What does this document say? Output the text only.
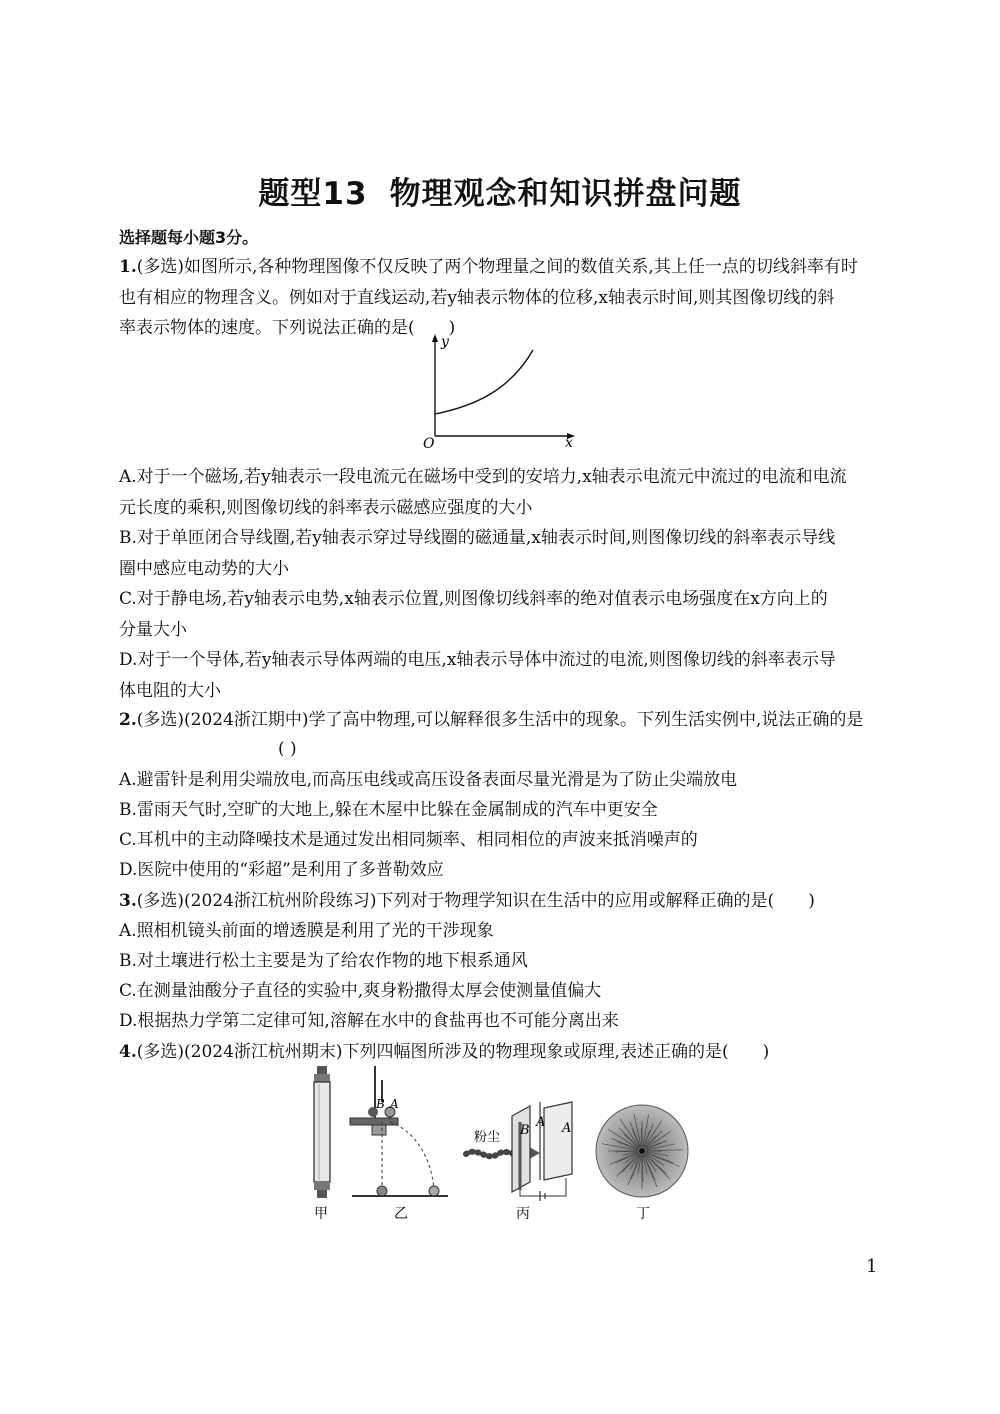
题型13 物理观念和知识拼盘问题
选择题每小题3分。
1.(多选)如图所示,各种物理图像不仅反映了两个物理量之间的数值关系,其上任一点的切线斜率有时
也有相应的物理含义。例如对于直线运动,若y轴表示物体的位移,x轴表示时间,则其图像切线的斜
率表示物体的速度。下列说法正确的是( )
y
x
O
A.对于一个磁场,若y轴表示一段电流元在磁场中受到的安培力,x轴表示电流元中流过的电流和电流
元长度的乘积,则图像切线的斜率表示磁感应强度的大小
B.对于单匝闭合导线圈,若y轴表示穿过导线圈的磁通量,x轴表示时间,则图像切线的斜率表示导线
圈中感应电动势的大小
C.对于静电场,若y轴表示电势,x轴表示位置,则图像切线斜率的绝对值表示电场强度在x方向上的
分量大小
D.对于一个导体,若y轴表示导体两端的电压,x轴表示导体中流过的电流,则图像切线的斜率表示导
体电阻的大小
2.(多选)(2024浙江期中)学了高中物理,可以解释很多生活中的现象。下列生活实例中,说法正确的是
( )
A.避雷针是利用尖端放电,而高压电线或高压设备表面尽量光滑是为了防止尖端放电
B.雷雨天气时,空旷的大地上,躲在木屋中比躲在金属制成的汽车中更安全
C.耳机中的主动降噪技术是通过发出相同频率、相同相位的声波来抵消噪声的
D.医院中使用的“彩超”是利用了多普勒效应
3.(多选)(2024浙江杭州阶段练习)下列对于物理学知识在生活中的应用或解释正确的是( )
A.照相机镜头前面的增透膜是利用了光的干涉现象
B.对土壤进行松土主要是为了给农作物的地下根系通风
C.在测量油酸分子直径的实验中,爽身粉撒得太厚会使测量值偏大
D.根据热力学第二定律可知,溶解在水中的食盐再也不可能分离出来
4.(多选)(2024浙江杭州期末)下列四幅图所涉及的物理现象或原理,表述正确的是( )
甲
B A
乙
粉尘 B
A A
丙	丁
1
